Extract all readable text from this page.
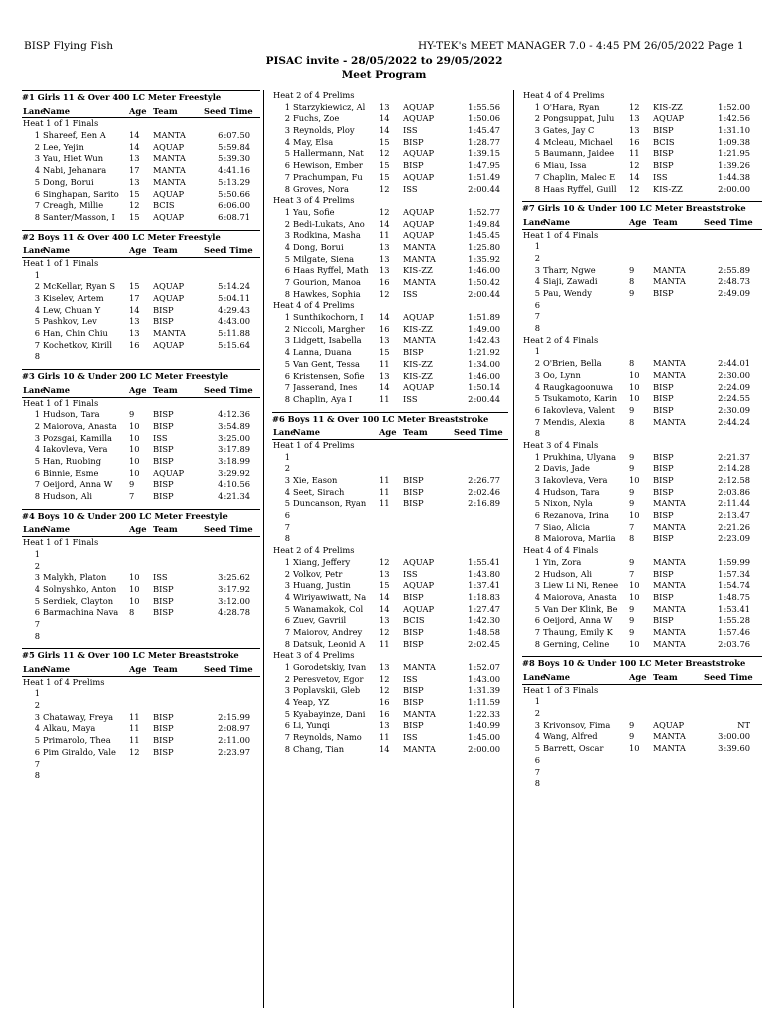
BISP Flying Fish	HY-TEK's MEET MANAGER 7.0 - 4:45 PM 26/05/2022 Page 1
PISAC invite - 28/05/2022 to 29/05/2022
Meet Program
#1 Girls 11 & Over 400 LC Meter Freestyle
Lane
Name	Age Team	Seed Time
Heat 1 of 1 Finals
1 Shareef, Een A	14	MANTA	6:07.50
2 Lee, Yejin	14	AQUAP	5:59.84
3 Yau, Hiet Wun	13	MANTA	5:39.30
4 Nabi, Jehanara	17	MANTA	4:41.16
5 Dong, Borui	13	MANTA	5:13.29
6 Singhapan, Sarito	15	AQUAP	5:50.66
7 Creagh, Millie	12	BCIS	6:06.00
8 Santer/Masson, I	15	AQUAP	6:08.71
#2 Boys 11 & Over 400 LC Meter Freestyle
Lane
Name	Age Team	Seed Time
Heat 1 of 1 Finals
1
2 McKellar, Ryan S	15	AQUAP	5:14.24
3 Kiselev, Artem	17	AQUAP	5:04.11
4 Lew, Chuan Y	14	BISP	4:29.43
5 Pashkov, Lev	13	BISP	4:43.00
6 Han, Chin Chiu	13	MANTA	5:11.88
7 Kochetkov, Kirill	16	AQUAP	5:15.64
8
#3 Girls 10 & Under 200 LC Meter Freestyle
Lane
Name	Age Team	Seed Time
Heat 1 of 1 Finals
1 Hudson, Tara	9	BISP	4:12.36
2 Maiorova, Anasta	10	BISP	3:54.89
3 Pozsgai, Kamilla	10	ISS	3:25.00
4 Iakovleva, Vera	10	BISP	3:17.89
5 Han, Ruobing	10	BISP	3:18.99
6 Binnie, Esme	10	AQUAP	3:29.92
7 Oeijord, Anna W	9	BISP	4:10.56
8 Hudson, Ali	7	BISP	4:21.34
#4 Boys 10 & Under 200 LC Meter Freestyle
Lane
Name	Age Team	Seed Time
Heat 1 of 1 Finals
1
2
3 Malykh, Platon	10	ISS	3:25.62
4 Solnyshko, Anton	10	BISP	3:17.92
5 Serdiek, Clayton	10	BISP	3:12.00
6 Barmachina Nava	8	BISP	4:28.78
7
8
#5 Girls 11 & Over 100 LC Meter Breaststroke
Lane
Name	Age Team	Seed Time
Heat 1 of 4 Prelims
1
2
3 Chataway, Freya	11	BISP	2:15.99
4 Alkau, Maya	11	BISP	2:08.97
5 Primarolo, Thea	11	BISP	2:11.00
6 Pim Giraldo, Vale	12	BISP	2:23.97
7
8
Heat 2 of 4 Prelims
1 Starzykiewicz, Al	13	AQUAP	1:55.56
2 Fuchs, Zoe	14	AQUAP	1:50.06
3 Reynolds, Ploy	14	ISS	1:45.47
4 May, Elsa	15	BISP	1:28.77
5 Hallermann, Nat	12	AQUAP	1:39.15
6 Hewison, Ember	15	BISP	1:47.95
7 Prachumpan, Fu	15	AQUAP	1:51.49
8 Groves, Nora	12	ISS	2:00.44
Heat 3 of 4 Prelims
1 Yau, Sofie	12	AQUAP	1:52.77
2 Bedi-Lukats, Ano	14	AQUAP	1:49.84
3 Rodkina, Masha	11	AQUAP	1:45.45
4 Dong, Borui	13	MANTA	1:25.80
5 Milgate, Siena	13	MANTA	1:35.92
6 Haas Ryffel, Math	13	KIS-ZZ	1:46.00
7 Gourion, Manoa	16	MANTA	1:50.42
8 Hawkes, Sophia	12	ISS	2:00.44
Heat 4 of 4 Prelims
1 Sunthikochorn, I	14	AQUAP	1:51.89
2 Niccoli, Margher	16	KIS-ZZ	1:49.00
3 Lidgett, Isabella	13	MANTA	1:42.43
4 Lanna, Duana	15	BISP	1:21.92
5 Van Gent, Tessa	11	KIS-ZZ	1:34.00
6 Kristensen, Sofie	13	KIS-ZZ	1:46.00
7 Jasserand, Ines	14	AQUAP	1:50.14
8 Chaplin, Aya I	11	ISS	2:00.44
#6 Boys 11 & Over 100 LC Meter Breaststroke
Lane
Name	Age Team	Seed Time
Heat 1 of 4 Prelims
1
2
3 Xie, Eason	11	BISP	2:26.77
4 Seet, Sirach	11	BISP	2:02.46
5 Duncanson, Ryan	11	BISP	2:16.89
6
7
8
Heat 2 of 4 Prelims
1 Xiang, Jeffery	12	AQUAP	1:55.41
2 Volkov, Petr	13	ISS	1:43.80
3 Huang, Justin	15	AQUAP	1:37.41
4 Wiriyawiwatt, Na	14	BISP	1:18.83
5 Wanamakok, Col	14	AQUAP	1:27.47
6 Zuev, Gavriil	13	BCIS	1:42.30
7 Maiorov, Andrey	12	BISP	1:48.58
8 Datsuk, Leonid A	11	BISP	2:02.45
Heat 3 of 4 Prelims
1 Gorodetskiy, Ivan	13	MANTA	1:52.07
2 Peresvetov, Egor	12	ISS	1:43.00
3 Poplavskii, Gleb	12	BISP	1:31.39
4 Yeap, YZ	16	BISP	1:11.59
5 Kyabayinze, Dani	16	MANTA	1:22.33
6 Li, Yunqi	13	BISP	1:40.99
7 Reynolds, Namo	11	ISS	1:45.00
8 Chang, Tian	14	MANTA	2:00.00
Heat 4 of 4 Prelims
1 O'Hara, Ryan	12	KIS-ZZ	1:52.00
2 Pongsuppat, Julu	13	AQUAP	1:42.56
3 Gates, Jay C	13	BISP	1:31.10
4 Mcleau, Michael	16	BCIS	1:09.38
5 Baumann, Jaidee	11	BISP	1:21.95
6 Miau, Issa	12	BISP	1:39.26
7 Chaplin, Malec E	14	ISS	1:44.38
8 Haas Ryffel, Guill	12	KIS-ZZ	2:00.00
#7 Girls 10 & Under 100 LC Meter Breaststroke
Lane
Name	Age Team	Seed Time
Heat 1 of 4 Finals
1
2
3 Tharr, Ngwe	9	MANTA	2:55.89
4 Siaji, Zawadi	8	MANTA	2:48.73
5 Pau, Wendy	9	BISP	2:49.09
6
7
8
Heat 2 of 4 Finals
1
2 O'Brien, Bella	8	MANTA	2:44.01
3 Oo, Lynn	10	MANTA	2:30.00
4 Raugkagoonuwa	10	BISP	2:24.09
5 Tsukamoto, Karin	10	BISP	2:24.55
6 Iakovleva, Valent	9	BISP	2:30.09
7 Mendis, Alexia	8	MANTA	2:44.24
8
Heat 3 of 4 Finals
1 Prukhina, Ulyana	9	BISP	2:21.37
2 Davis, Jade	9	BISP	2:14.28
3 Iakovleva, Vera	10	BISP	2:12.58
4 Hudson, Tara	9	BISP	2:03.86
5 Nixon, Nyla	9	MANTA	2:11.44
6 Rezanova, Irina	10	BISP	2:13.47
7 Siao, Alicia	7	MANTA	2:21.26
8 Maiorova, Mariia	8	BISP	2:23.09
Heat 4 of 4 Finals
1 Yin, Zora	9	MANTA	1:59.99
2 Hudson, Ali	7	BISP	1:57.34
3 Liew Li Ni, Renee	10	MANTA	1:54.74
4 Maiorova, Anasta	10	BISP	1:48.75
5 Van Der Klink, Be	9	MANTA	1:53.41
6 Oeijord, Anna W	9	BISP	1:55.28
7 Thaung, Emily K	9	MANTA	1:57.46
8 Gerning, Celine	10	MANTA	2:03.76
#8 Boys 10 & Under 100 LC Meter Breaststroke
Lane
Name	Age Team	Seed Time
Heat 1 of 3 Finals
1
2
3 Krivonsov, Fima	9	AQUAP	NT
4 Wang, Alfred	9	MANTA	3:00.00
5 Barrett, Oscar	10	MANTA	3:39.60
6
7
8
